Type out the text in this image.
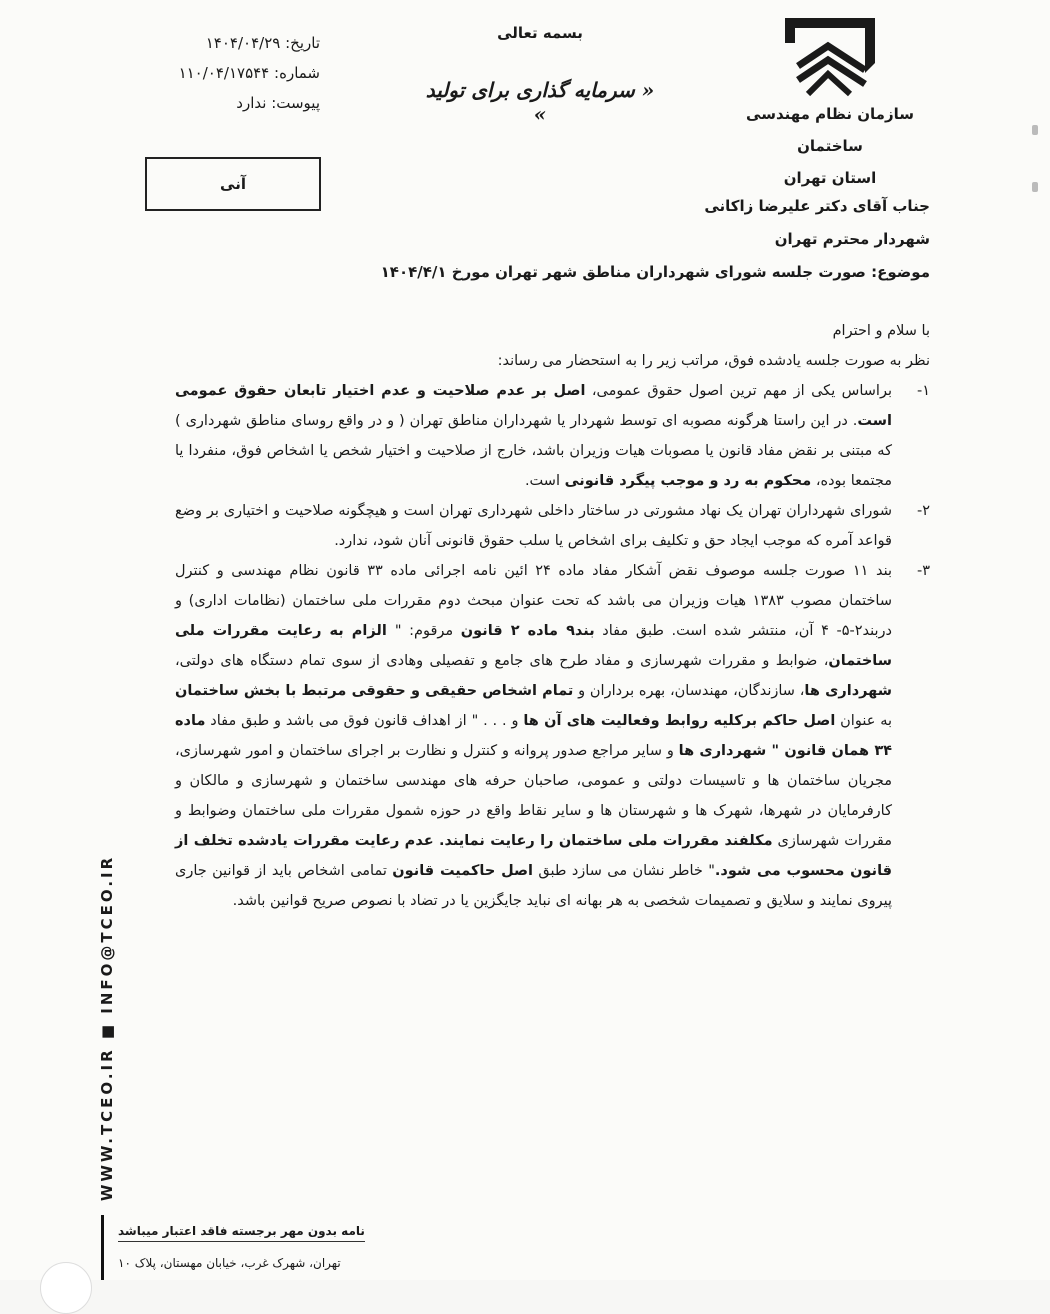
سازمان نظام مهندسی ساختمان
استان تهران
بسمه تعالی
« سرمایه گذاری برای تولید »
تاریخ: ۱۴۰۴/۰۴/۲۹
شماره: ۱۱۰/۰۴/۱۷۵۴۴
پیوست: ندارد
آنی
جناب آقای دکتر علیرضا زاکانی
شهردار محترم تهران
موضوع: صورت جلسه شورای شهرداران مناطق شهر تهران مورخ ۱۴۰۴/۴/۱

با سلام و احترام

نظر به صورت جلسه یادشده فوق، مراتب زیر را به استحضار می رساند:

۱-
براساس یکی از مهم ترین اصول حقوق عمومی، اصل بر عدم صلاحیت و عدم اختیار تابعان حقوق عمومی است. در این راستا هرگونه مصوبه ای توسط شهردار یا شهرداران مناطق تهران ( و در واقع روسای مناطق شهرداری ) که مبتنی بر نقض مفاد قانون یا مصوبات هیات وزیران باشد، خارج از صلاحیت و اختیار شخص یا اشخاص فوق، منفردا یا مجتمعا بوده، محکوم به رد و موجب پیگرد قانونی است.
۲-
شورای شهرداران تهران یک نهاد مشورتی در ساختار داخلی شهرداری تهران است و هیچگونه صلاحیت و اختیاری بر وضع قواعد آمره که موجب ایجاد حق و تکلیف برای اشخاص یا سلب حقوق قانونی آنان شود، ندارد.
۳-
بند ۱۱ صورت جلسه موصوف نقض آشکار مفاد ماده ۲۴ ائین نامه اجرائی ماده ۳۳ قانون نظام مهندسی و کنترل ساختمان مصوب ۱۳۸۳ هیات وزیران می باشد که تحت عنوان مبحث دوم مقررات ملی ساختمان (نظامات اداری) و دربند۲-۵- ۴ آن، منتشر شده است. طبق مفاد بند۹ ماده ۲ قانون مرقوم: " الزام به رعایت مقررات ملی ساختمان، ضوابط و مقررات شهرسازی و مفاد طرح های جامع و تفصیلی وهادی از سوی تمام دستگاه های دولتی، شهرداری ها، سازندگان، مهندسان، بهره برداران و تمام اشخاص حقیقی و حقوقی مرتبط با بخش ساختمان به عنوان اصل حاکم برکلیه روابط وفعالیت های آن ها و . . . " از اهداف قانون فوق می باشد و طبق مفاد ماده ۳۴ همان قانون " شهرداری ها و سایر مراجع صدور پروانه و کنترل و نظارت بر اجرای ساختمان و امور شهرسازی، مجریان ساختمان ها و تاسیسات دولتی و عمومی، صاحبان حرفه های مهندسی ساختمان و شهرسازی و مالکان و کارفرمایان در شهرها، شهرک ها و شهرستان ها و سایر نقاط واقع در حوزه شمول مقررات ملی ساختمان وضوابط و مقررات شهرسازی مکلفند مقررات ملی ساختمان را رعایت نمایند. عدم رعایت مقررات یادشده تخلف از قانون محسوب می شود." خاطر نشان می سازد طبق اصل حاکمیت قانون تمامی اشخاص باید از قوانین جاری پیروی نمایند و سلایق و تصمیمات شخصی به هر بهانه ای نباید جایگزین یا در تضاد با نصوص صریح قوانین باشد.
WWW.TCEO.IR ■ INFO@TCEO.IR
نامه بدون مهر برجسته فاقد اعتبار میباشد
تهران، شهرک غرب، خیابان مهستان، پلاک ۱۰
